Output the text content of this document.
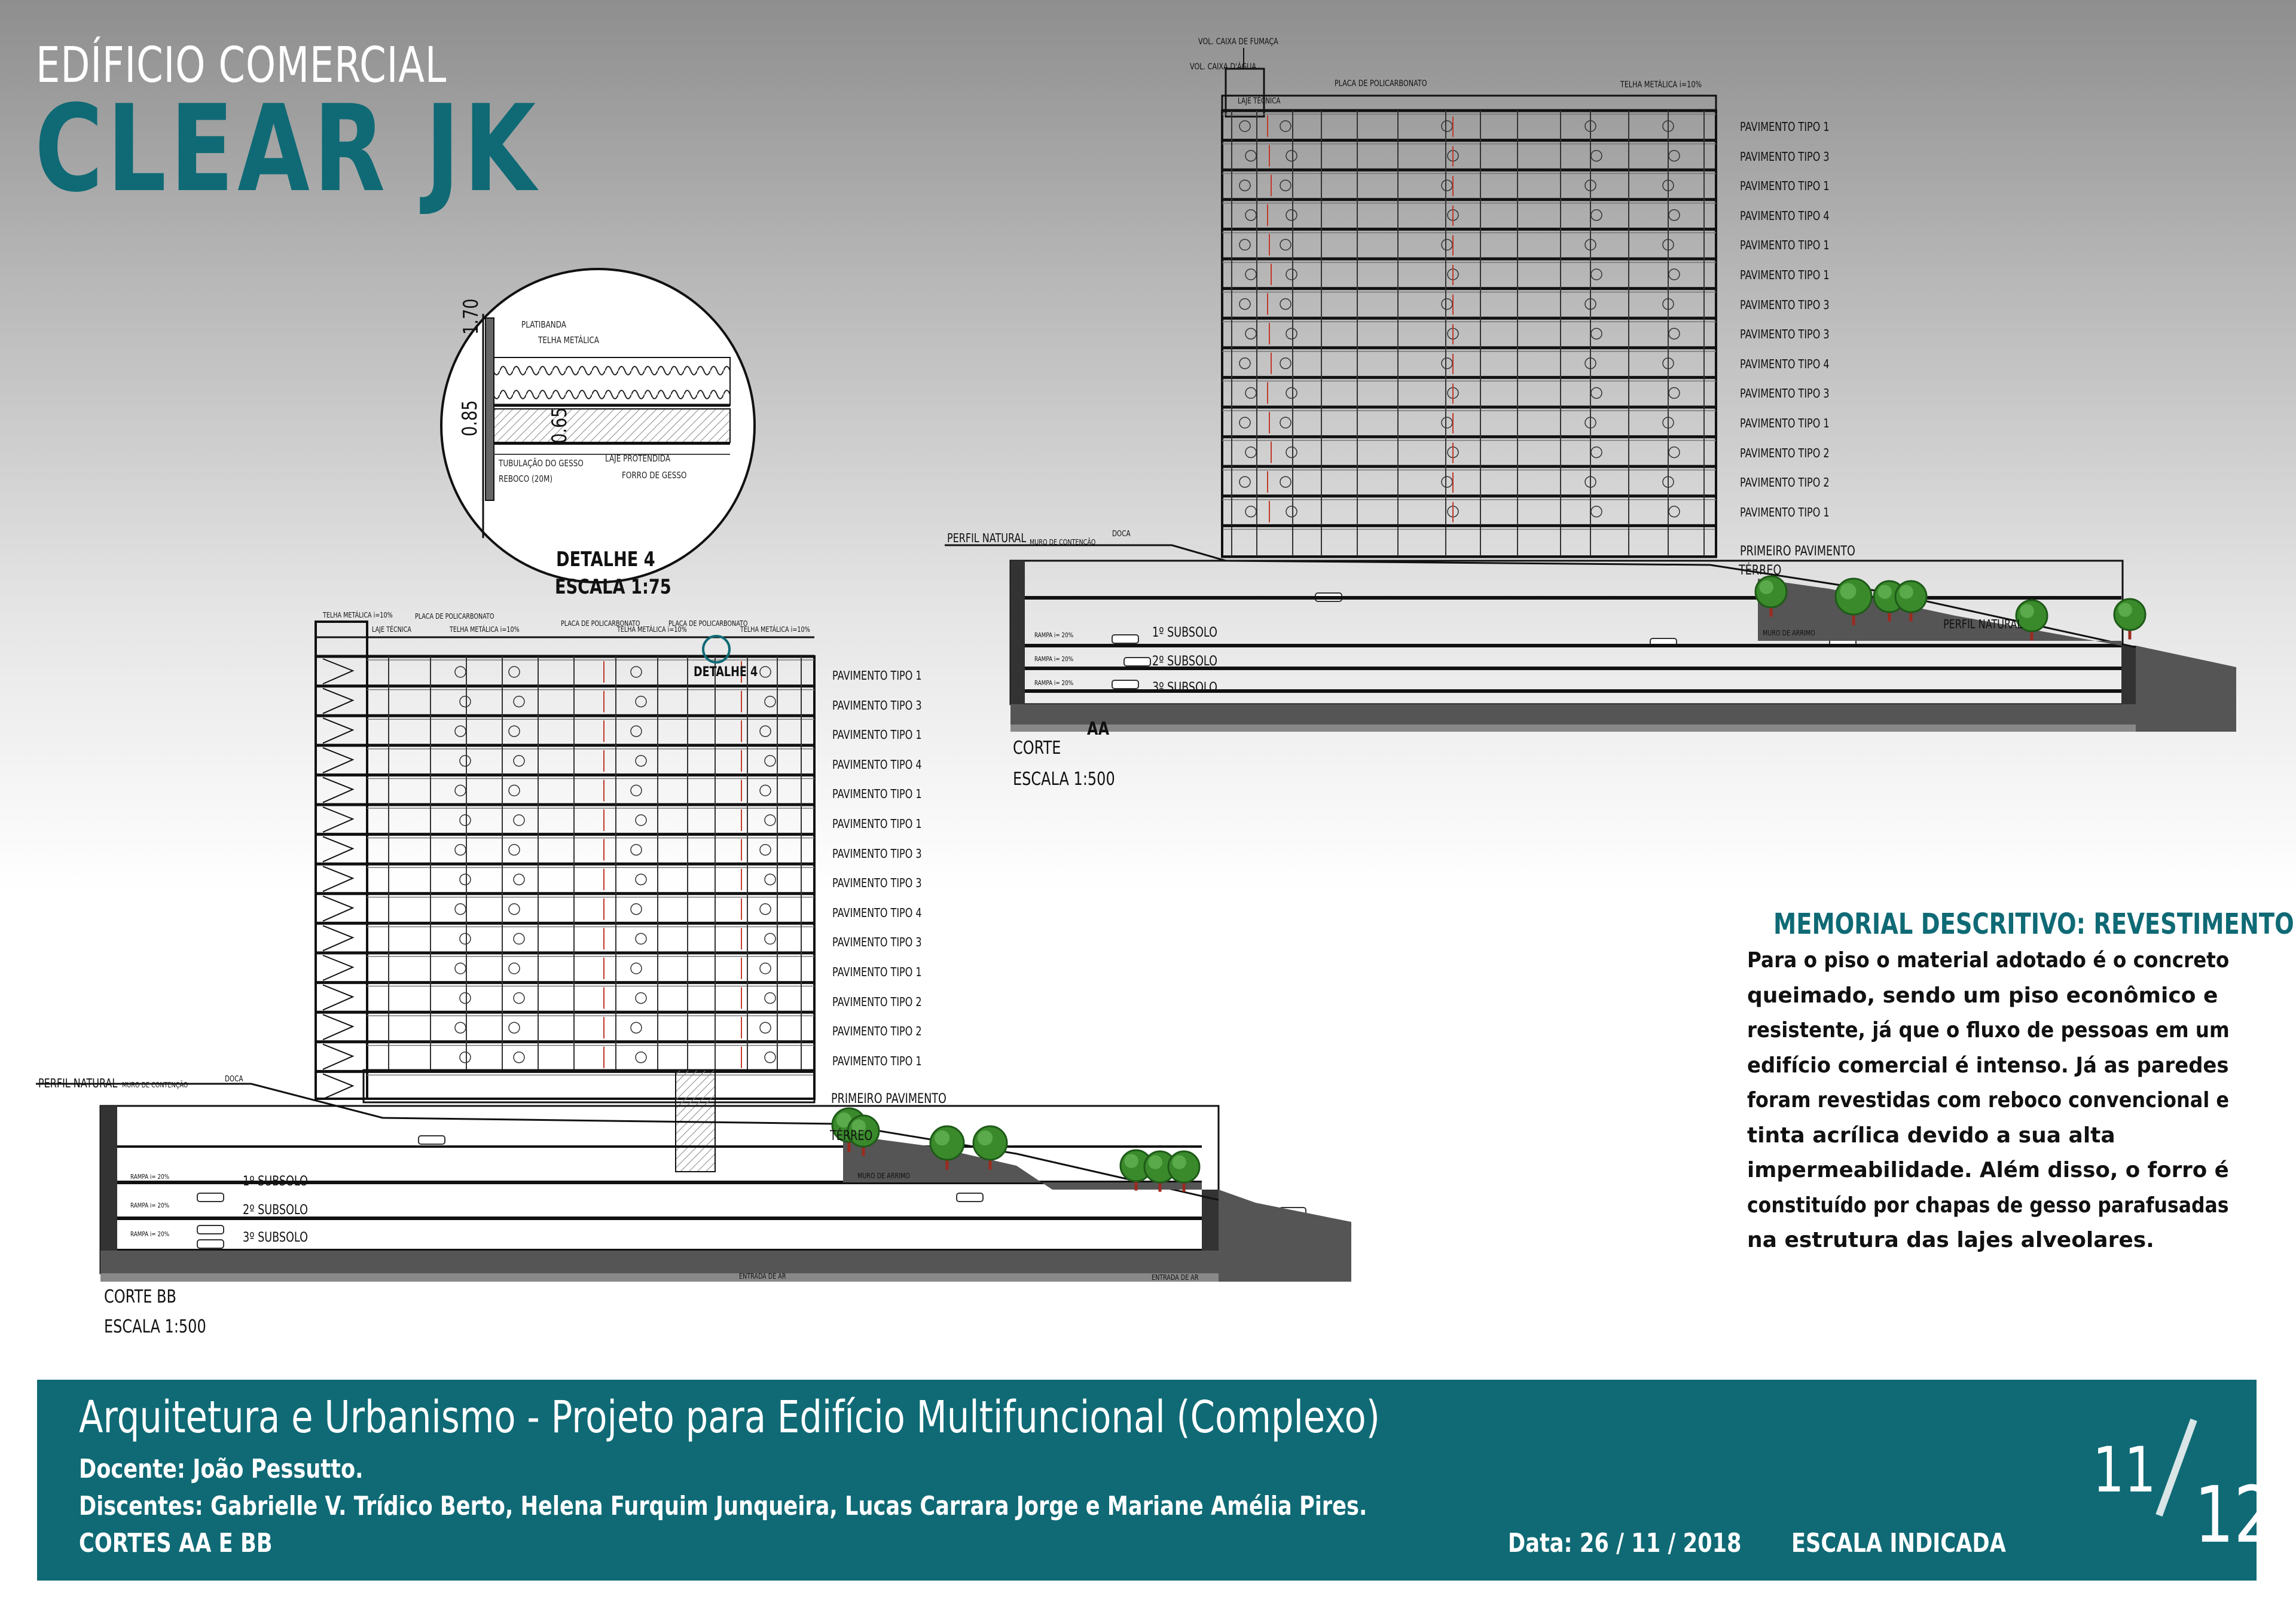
EDÍFICIO COMERCIAL
CLEAR JK
DETALHE 4
ESCALA 1:75
1.70
0.85	0.65
PLATIBANDA
TELHA METÁLICA
LAJE PROTENDIDA
TUBULAÇÃO DO GESSO
REBOCO (20M)	FORRO DE GESSO
VOL. CAIXA DE FUMAÇA
VOL. CAIXA D'ÁGUA
LAJE TÉCNICA
PLACA DE POLICARBONATO	TELHA METÁLICA i=10%
PAVIMENTO TIPO 1
PAVIMENTO TIPO 3
PAVIMENTO TIPO 1
PAVIMENTO TIPO 4
PAVIMENTO TIPO 1
PAVIMENTO TIPO 1
PAVIMENTO TIPO 3
PAVIMENTO TIPO 3
PAVIMENTO TIPO 4
PAVIMENTO TIPO 3
PAVIMENTO TIPO 1
PAVIMENTO TIPO 2
PAVIMENTO TIPO 2
PAVIMENTO TIPO 1
PRIMEIRO PAVIMENTO
TÉRREO
1º SUBSOLO
2º SUBSOLO
3º SUBSOLO
PERFIL NATURAL
PERFIL NATURAL
MURO DE CONTENÇÃO
DOCA
MURO DE ARRIMO
RAMPA i= 20%
RAMPA i= 20%
RAMPA i= 20%
AA
CORTE
ESCALA 1:500
TELHA METÁLICA i=10%
LAJE TÉCNICA
PLACA DE POLICARBONATO
TELHA METÁLICA i=10%
PLACA DE POLICARBONATO
TELHA METÁLICA i=10%
PLACA DE POLICARBONATO
TELHA METÁLICA i=10%
DETALHE 4	PAVIMENTO TIPO 1
PAVIMENTO TIPO 3
PAVIMENTO TIPO 1
PAVIMENTO TIPO 4
PAVIMENTO TIPO 1
PAVIMENTO TIPO 1
PAVIMENTO TIPO 3
PAVIMENTO TIPO 3
PAVIMENTO TIPO 4
PAVIMENTO TIPO 3
PAVIMENTO TIPO 1
PAVIMENTO TIPO 2
PAVIMENTO TIPO 2
PAVIMENTO TIPO 1
PRIMEIRO PAVIMENTO
TÉRREO
1º SUBSOLO
2º SUBSOLO
3º SUBSOLO
PERFIL NATURAL MURO DE CONTENÇÃO
DOCA
MURO DE ARRIMO
RAMPA i= 20%
RAMPA i= 20%
RAMPA i= 20%
ENTRADA DE AR	ENTRADA DE AR
CORTE BB
ESCALA 1:500
MEMORIAL DESCRITIVO: REVESTIMENTO
Para o piso o material adotado é o concreto
queimado, sendo um piso econômico e
resistente, já que o fluxo de pessoas em um
edifício comercial é intenso. Já as paredes
foram revestidas com reboco convencional e
tinta acrílica devido a sua alta
impermeabilidade. Além disso, o forro é
constituído por chapas de gesso parafusadas
na estrutura das lajes alveolares.
Arquitetura e Urbanismo - Projeto para Edifício Multifuncional (Complexo)
Docente: João Pessutto.
Discentes: Gabrielle V. Trídico Berto, Helena Furquim Junqueira, Lucas Carrara Jorge e Mariane Amélia Pires.
CORTES AA E BB	Data: 26 / 11 / 2018 ESCALA INDICADA
11 12
